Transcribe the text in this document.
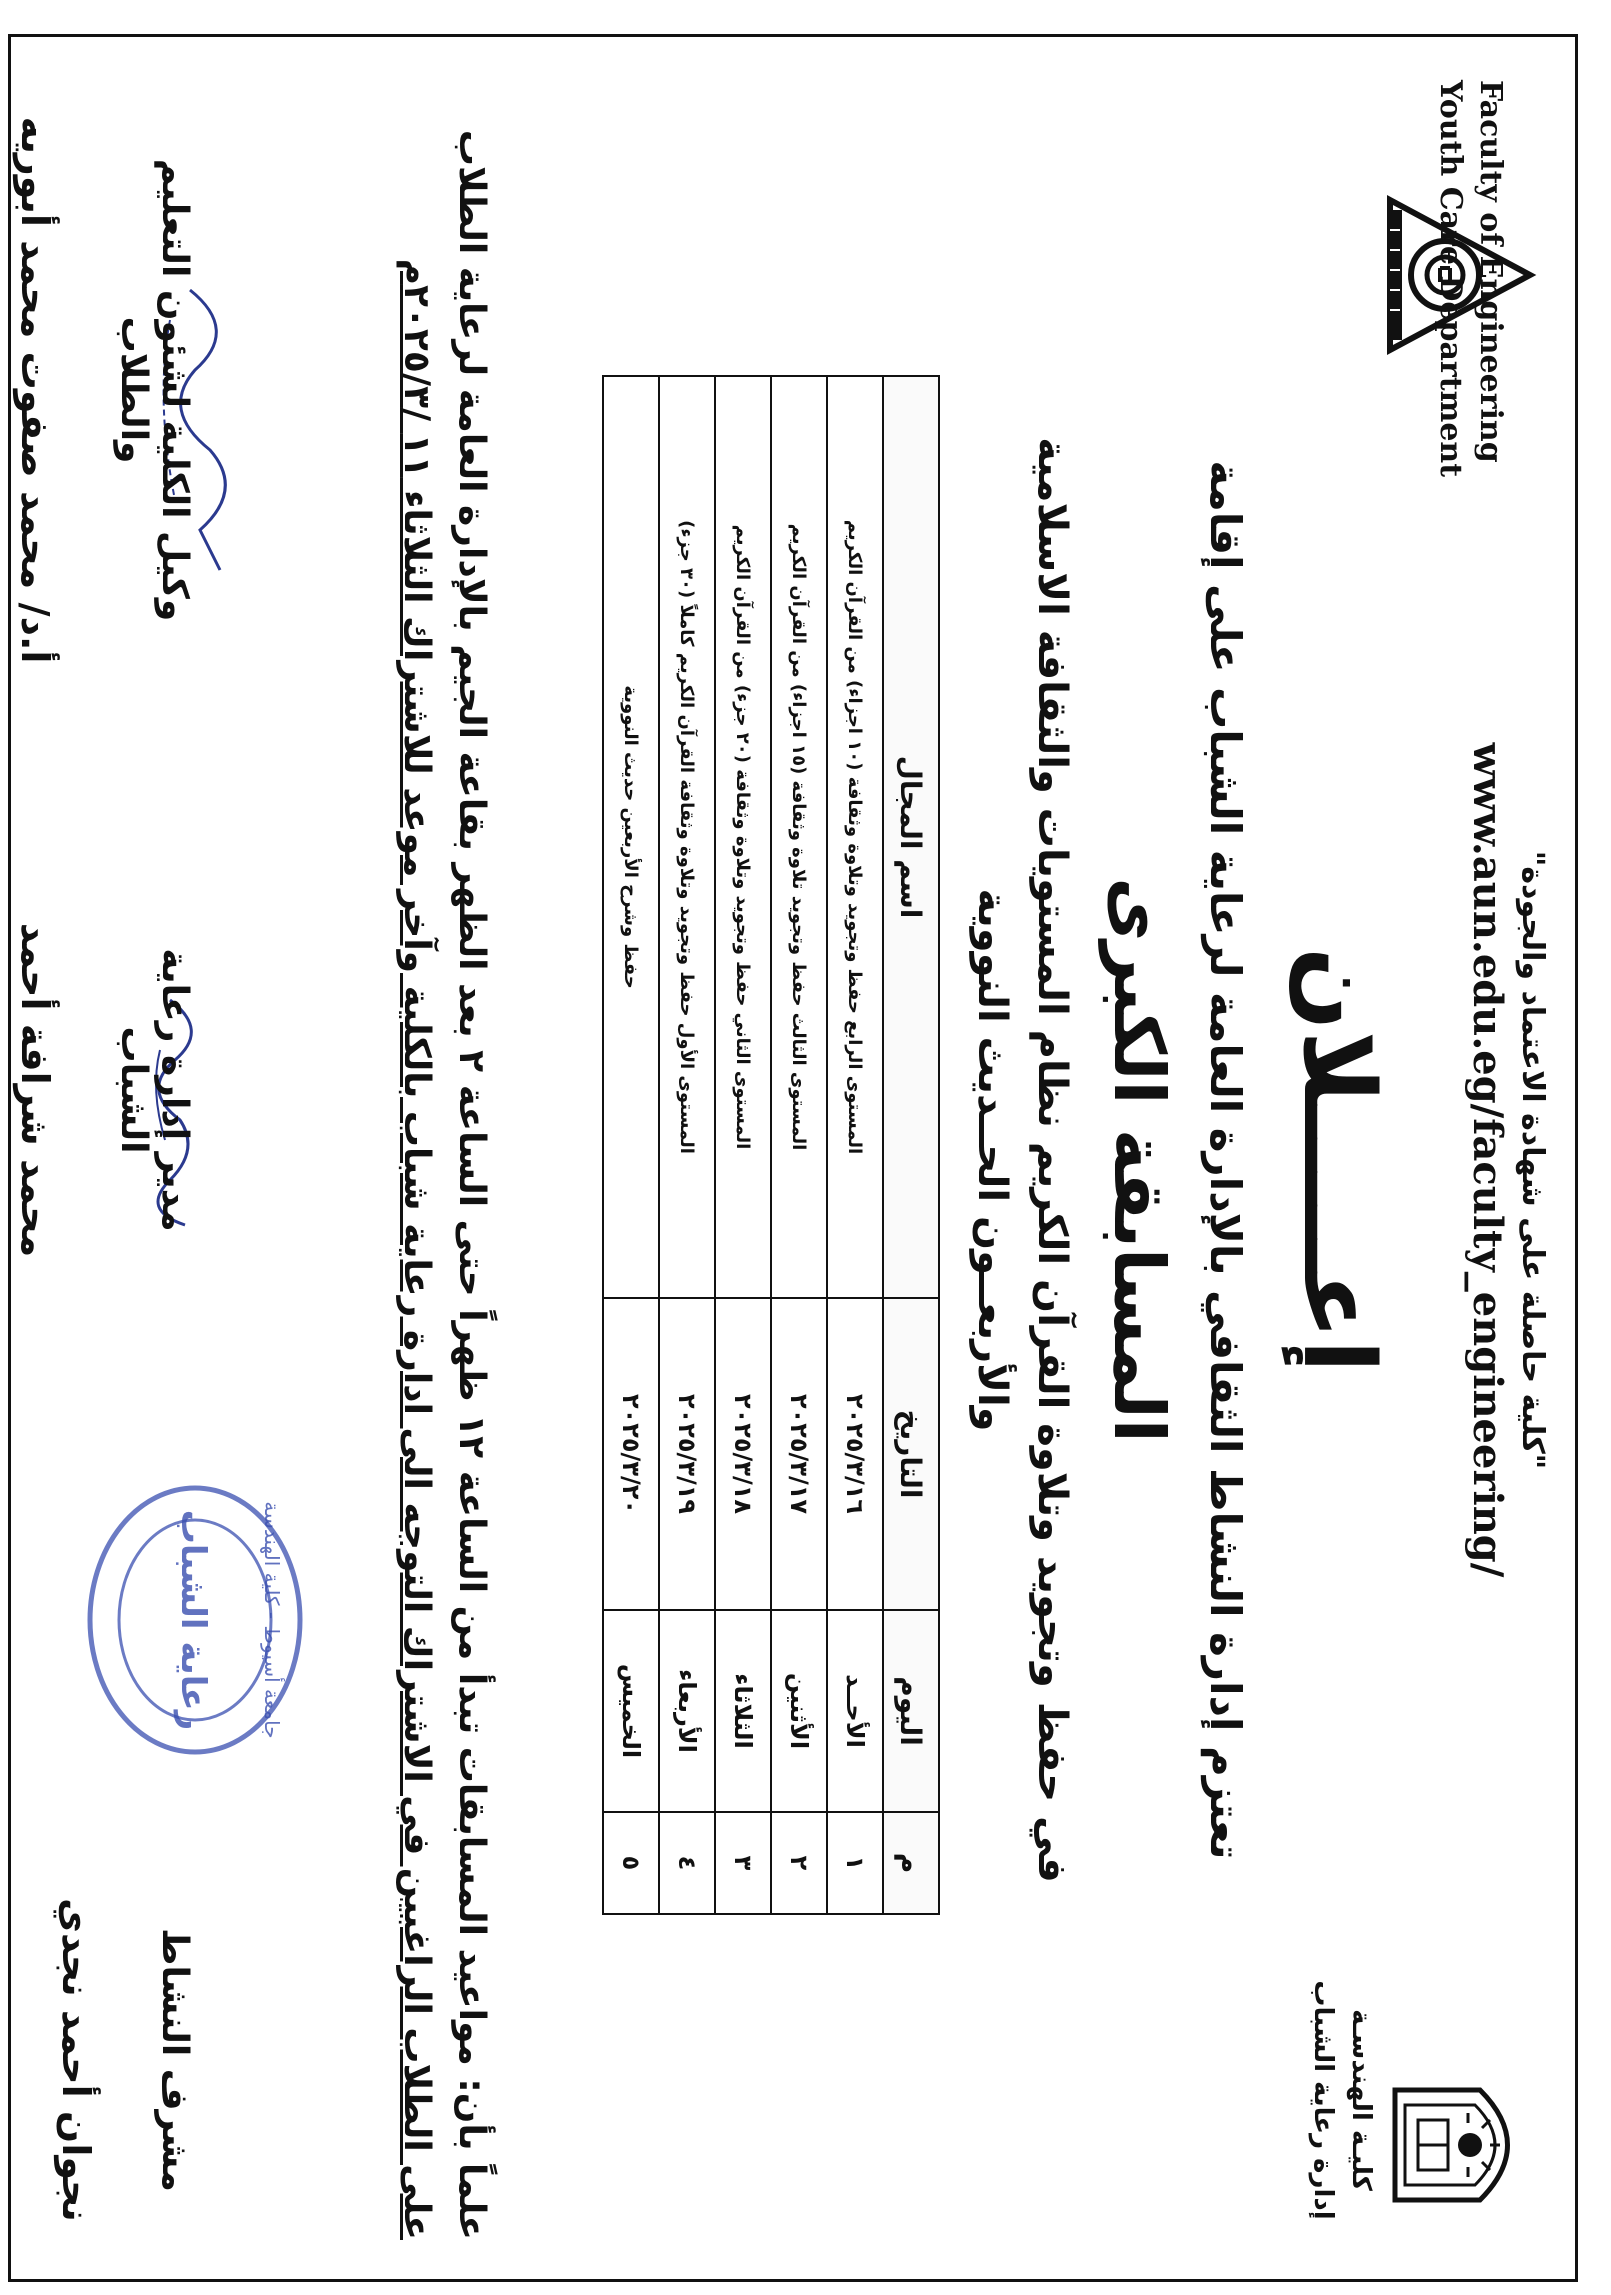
كليـة الهندسـة
إدارة رعاية الشباب
"كلية حاصلة على شهادة الاعتماد والجودة"
www.aun.edu.eg/faculty_engineering/
Faculty of Engineering
Youth Care Department
إعـــــلان
تعتزم إدارة النشاط الثقافي بالإدارة العامة لرعاية الشباب على إقامة
المسابقة الكبرى
في حفظ وتجويد وتلاوة القرآن الكريم نظام المستويات والثقافة الاسلامية
والأربعــون الحــديث النووية
م	اليوم	التاريخ	اسم المجال
١	الأحــد	٢٠٢٥/٣/١٦	المستوى الرابع حفظ وتجويد وتلاوة وثقافة (١٠ اجزاء) من القرآن الكريم
٢	الأثنين	٢٠٢٥/٣/١٧	المستوى الثالث حفظ وتجويد تلاوة وثقافة (١٥ اجزاء) من القرآن الكريم
٣	الثلاثاء	٢٠٢٥/٣/١٨	المستوى الثاني حفظ وتجويد وتلاوة وثقافة (٢٠ جزء) من القرآن الكريم
٤	الأربعاء	٢٠٢٥/٣/١٩	المستوى الأول حفظ وتجويد وتلاوة وثقافة القرآن الكريم كاملاً (٣٠ جزء)
٥	الخميس	٢٠٢٥/٣/٢٠	حفظ وشرح الأربعين حديث النووية
علماً بأن: مواعيد المسابقات تبدأ من الساعة ١٢ ظهراً حتى الساعة ٢ بعد الظهر بقاعة الجيم بالإدارة العامة لرعاية الطلاب
على الطلاب الراغبين في الاشتراك التوجه الى ادارة رعاية شباب بالكلية وآخر موعد للاشتراك الثلاثاء ١١ /٢٠٢٥/٣م
جامعة أسيوط - كلية الهندسة
رعاية الشباب
مشرف النشاط
نجوان أحمد نجدي
مدير إدارة رعاية الشباب
محمد شرافة أحمد
وكيل الكلية لشئون التعليم والطلاب
أ.د/ محمد صفوت محمد أبوريه
